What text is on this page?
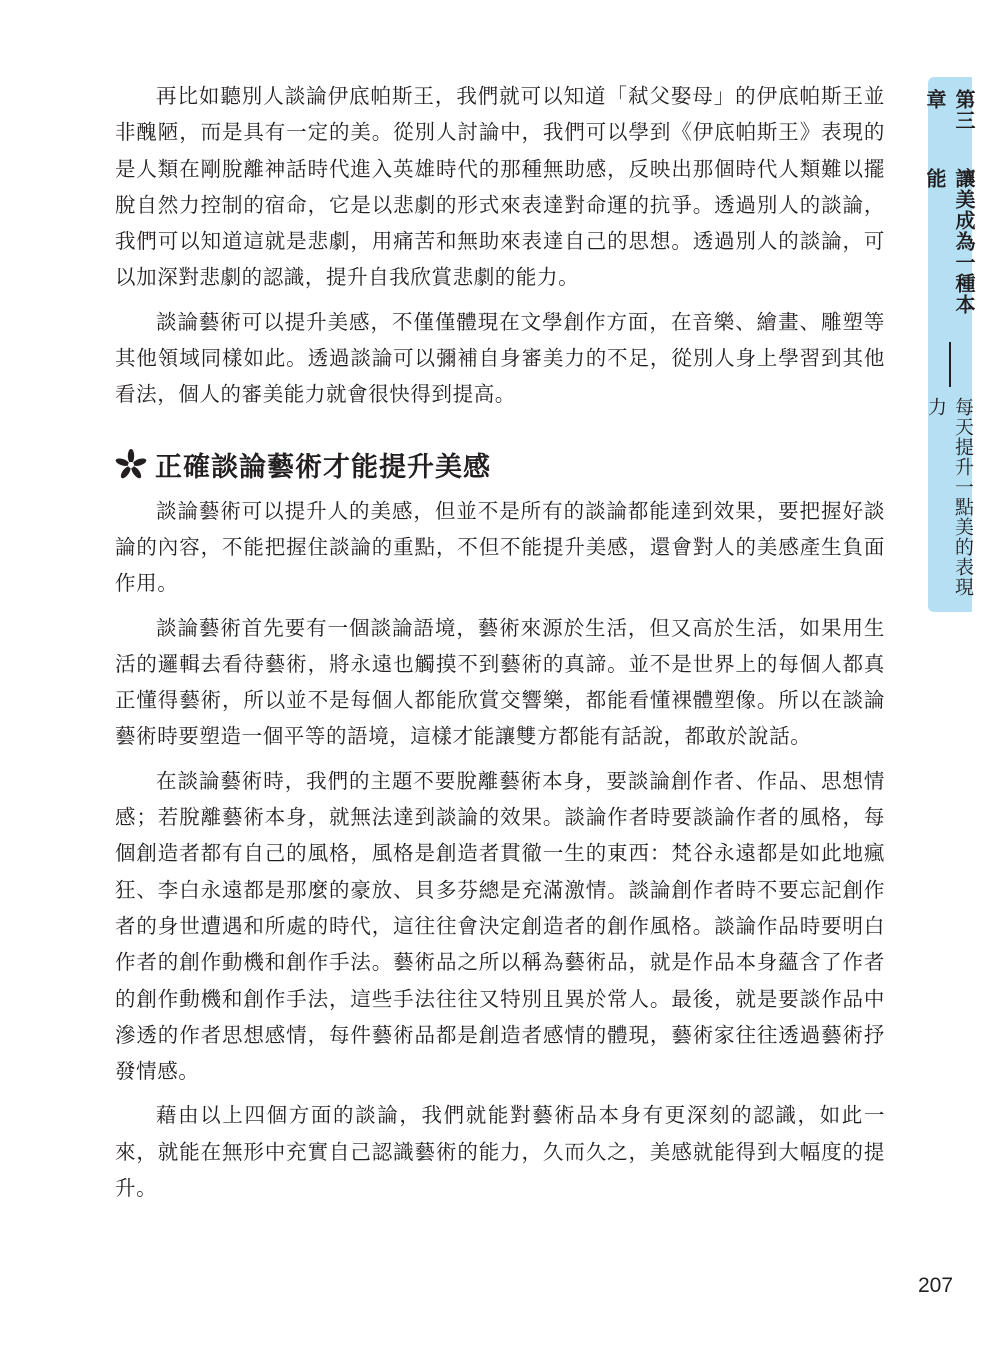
再比如聽別人談論伊底帕斯王，我們就可以知道「弒父娶母」的伊底帕斯王並非醜陋，而是具有一定的美。從別人討論中，我們可以學到《伊底帕斯王》表現的是人類在剛脫離神話時代進入英雄時代的那種無助感，反映出那個時代人類難以擺脫自然力控制的宿命，它是以悲劇的形式來表達對命運的抗爭。透過別人的談論，我們可以知道這就是悲劇，用痛苦和無助來表達自己的思想。透過別人的談論，可以加深對悲劇的認識，提升自我欣賞悲劇的能力。

談論藝術可以提升美感，不僅僅體現在文學創作方面，在音樂、繪畫、雕塑等其他領域同樣如此。透過談論可以彌補自身審美力的不足，從別人身上學習到其他看法，個人的審美能力就會很快得到提高。

正確談論藝術才能提升美感

談論藝術可以提升人的美感，但並不是所有的談論都能達到效果，要把握好談論的內容，不能把握住談論的重點，不但不能提升美感，還會對人的美感產生負面作用。

談論藝術首先要有一個談論語境，藝術來源於生活，但又高於生活，如果用生活的邏輯去看待藝術，將永遠也觸摸不到藝術的真諦。並不是世界上的每個人都真正懂得藝術，所以並不是每個人都能欣賞交響樂，都能看懂裸體塑像。所以在談論藝術時要塑造一個平等的語境，這樣才能讓雙方都能有話說，都敢於說話。

在談論藝術時，我們的主題不要脫離藝術本身，要談論創作者、作品、思想情感；若脫離藝術本身，就無法達到談論的效果。談論作者時要談論作者的風格，每個創造者都有自己的風格，風格是創造者貫徹一生的東西：梵谷永遠都是如此地瘋狂、李白永遠都是那麼的豪放、貝多芬總是充滿激情。談論創作者時不要忘記創作者的身世遭遇和所處的時代，這往往會決定創造者的創作風格。談論作品時要明白作者的創作動機和創作手法。藝術品之所以稱為藝術品，就是作品本身蘊含了作者的創作動機和創作手法，這些手法往往又特別且異於常人。最後，就是要談作品中滲透的作者思想感情，每件藝術品都是創造者感情的體現，藝術家往往透過藝術抒發情感。

藉由以上四個方面的談論，我們就能對藝術品本身有更深刻的認識，如此一來，就能在無形中充實自己認識藝術的能力，久而久之，美感就能得到大幅度的提升。

第三章
讓美成為一種本能
每天提升一點美的表現力
207
